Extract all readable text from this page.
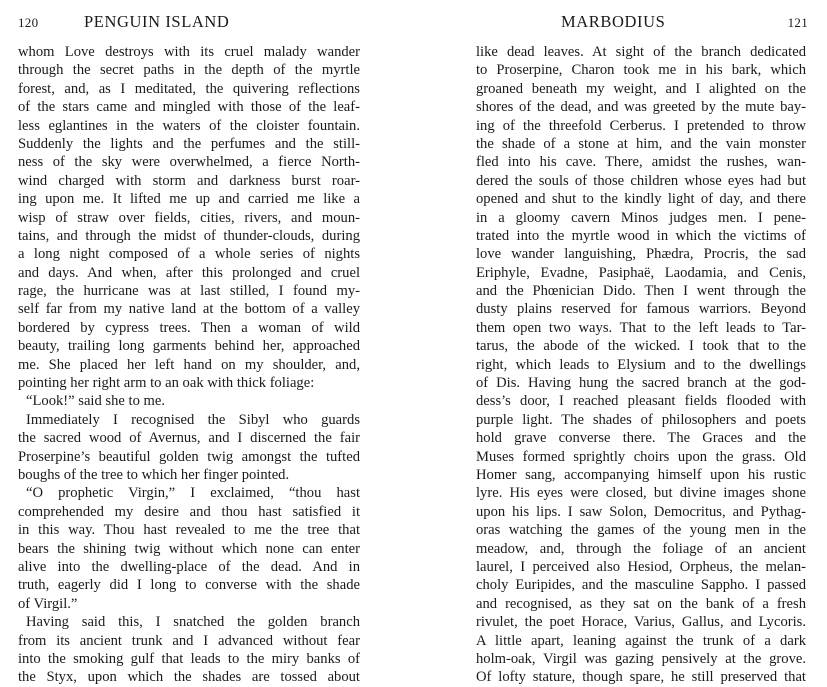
120	PENGUIN ISLAND
whom Love destroys with its cruel malady wander
through the secret paths in the depth of the myrtle
forest, and, as I meditated, the quivering reflections
of the stars came and mingled with those of the leaf-
less eglantines in the waters of the cloister fountain.
Suddenly the lights and the perfumes and the still-
ness of the sky were overwhelmed, a fierce North-
wind charged with storm and darkness burst roar-
ing upon me. It lifted me up and carried me like a
wisp of straw over fields, cities, rivers, and moun-
tains, and through the midst of thunder-clouds, during
a long night composed of a whole series of nights
and days. And when, after this prolonged and cruel
rage, the hurricane was at last stilled, I found my-
self far from my native land at the bottom of a valley
bordered by cypress trees. Then a woman of wild
beauty, trailing long garments behind her, approached
me. She placed her left hand on my shoulder, and,
pointing her right arm to an oak with thick foliage:
“Look!” said she to me.
Immediately I recognised the Sibyl who guards
the sacred wood of Avernus, and I discerned the fair
Proserpine’s beautiful golden twig amongst the tufted
boughs of the tree to which her finger pointed.
“O prophetic Virgin,” I exclaimed, “thou hast
comprehended my desire and thou hast satisfied it
in this way. Thou hast revealed to me the tree that
bears the shining twig without which none can enter
alive into the dwelling-place of the dead. And in
truth, eagerly did I long to converse with the shade
of Virgil.”
Having said this, I snatched the golden branch
from its ancient trunk and I advanced without fear
into the smoking gulf that leads to the miry banks of
the Styx, upon which the shades are tossed about
MARBODIUS	121
like dead leaves. At sight of the branch dedicated
to Proserpine, Charon took me in his bark, which
groaned beneath my weight, and I alighted on the
shores of the dead, and was greeted by the mute bay-
ing of the threefold Cerberus. I pretended to throw
the shade of a stone at him, and the vain monster
fled into his cave. There, amidst the rushes, wan-
dered the souls of those children whose eyes had but
opened and shut to the kindly light of day, and there
in a gloomy cavern Minos judges men. I pene-
trated into the myrtle wood in which the victims of
love wander languishing, Phædra, Procris, the sad
Eriphyle, Evadne, Pasiphaë, Laodamia, and Cenis,
and the Phœnician Dido. Then I went through the
dusty plains reserved for famous warriors. Beyond
them open two ways. That to the left leads to Tar-
tarus, the abode of the wicked. I took that to the
right, which leads to Elysium and to the dwellings
of Dis. Having hung the sacred branch at the god-
dess’s door, I reached pleasant fields flooded with
purple light. The shades of philosophers and poets
hold grave converse there. The Graces and the
Muses formed sprightly choirs upon the grass. Old
Homer sang, accompanying himself upon his rustic
lyre. His eyes were closed, but divine images shone
upon his lips. I saw Solon, Democritus, and Pythag-
oras watching the games of the young men in the
meadow, and, through the foliage of an ancient
laurel, I perceived also Hesiod, Orpheus, the melan-
choly Euripides, and the masculine Sappho. I passed
and recognised, as they sat on the bank of a fresh
rivulet, the poet Horace, Varius, Gallus, and Lycoris.
A little apart, leaning against the trunk of a dark
holm-oak, Virgil was gazing pensively at the grove.
Of lofty stature, though spare, he still preserved that
